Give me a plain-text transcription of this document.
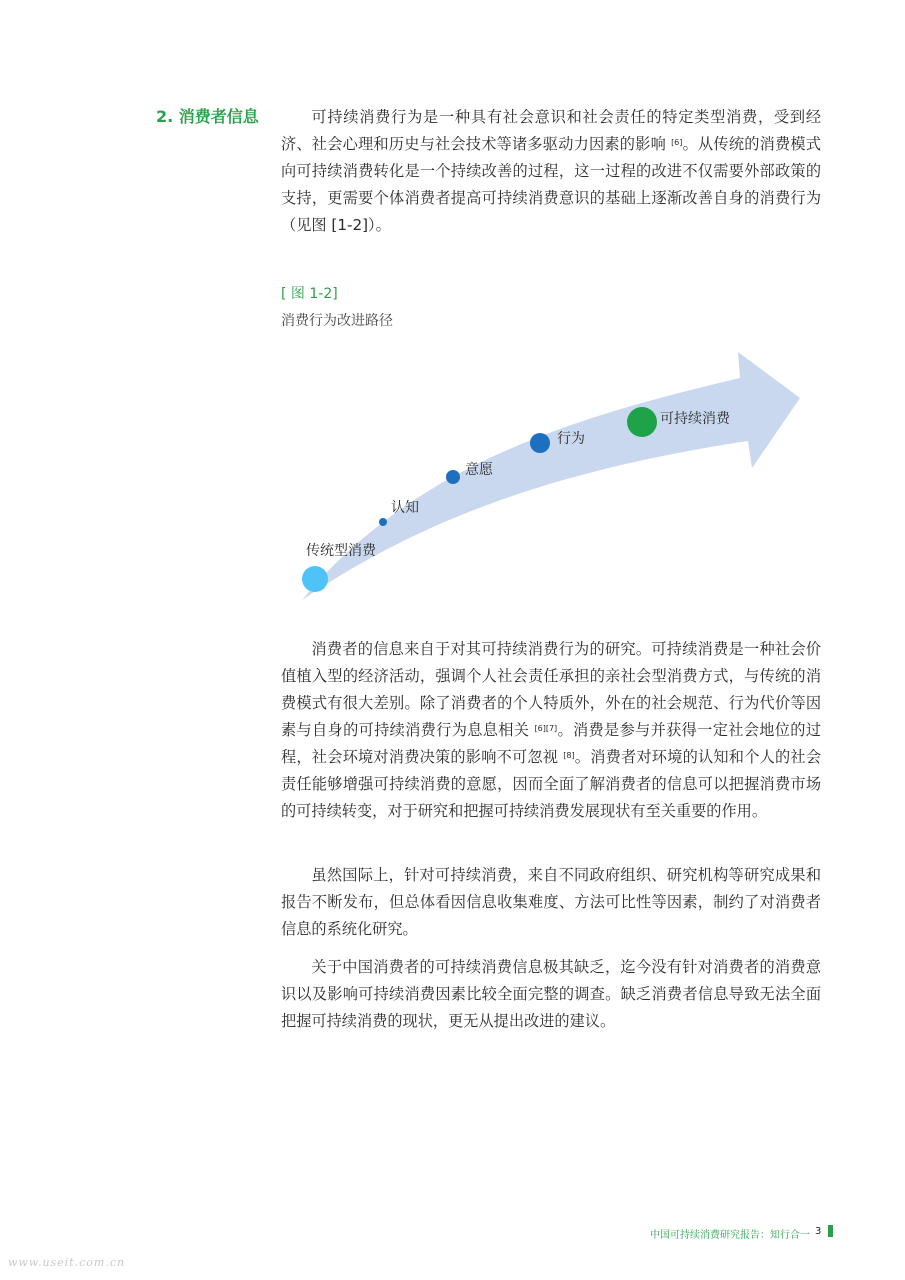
2. 消费者信息	可持续消费行为是一种具有社会意识和社会责任的特定类型消费，受到经济、社会心理和历史与社会技术等诸多驱动力因素的影响 [6]。从传统的消费模式向可持续消费转化是一个持续改善的过程，这一过程的改进不仅需要外部政策的支持，更需要个体消费者提高可持续消费意识的基础上逐渐改善自身的消费行为（见图 [1-2]）。

[ 图 1-2]
消费行为改进路径
传统型消费
认知
意愿
行为
可持续消费

消费者的信息来自于对其可持续消费行为的研究。可持续消费是一种社会价值植入型的经济活动，强调个人社会责任承担的亲社会型消费方式，与传统的消费模式有很大差别。除了消费者的个人特质外，外在的社会规范、行为代价等因素与自身的可持续消费行为息息相关 [6][7]。消费是参与并获得一定社会地位的过程，社会环境对消费决策的影响不可忽视 [8]。消费者对环境的认知和个人的社会责任能够增强可持续消费的意愿，因而全面了解消费者的信息可以把握消费市场的可持续转变，对于研究和把握可持续消费发展现状有至关重要的作用。

虽然国际上，针对可持续消费，来自不同政府组织、研究机构等研究成果和报告不断发布，但总体看因信息收集难度、方法可比性等因素，制约了对消费者信息的系统化研究。

关于中国消费者的可持续消费信息极其缺乏，迄今没有针对消费者的消费意识以及影响可持续消费因素比较全面完整的调查。缺乏消费者信息导致无法全面把握可持续消费的现状，更无从提出改进的建议。

中国可持续消费研究报告：知行合一 3
www.useit.com.cn
